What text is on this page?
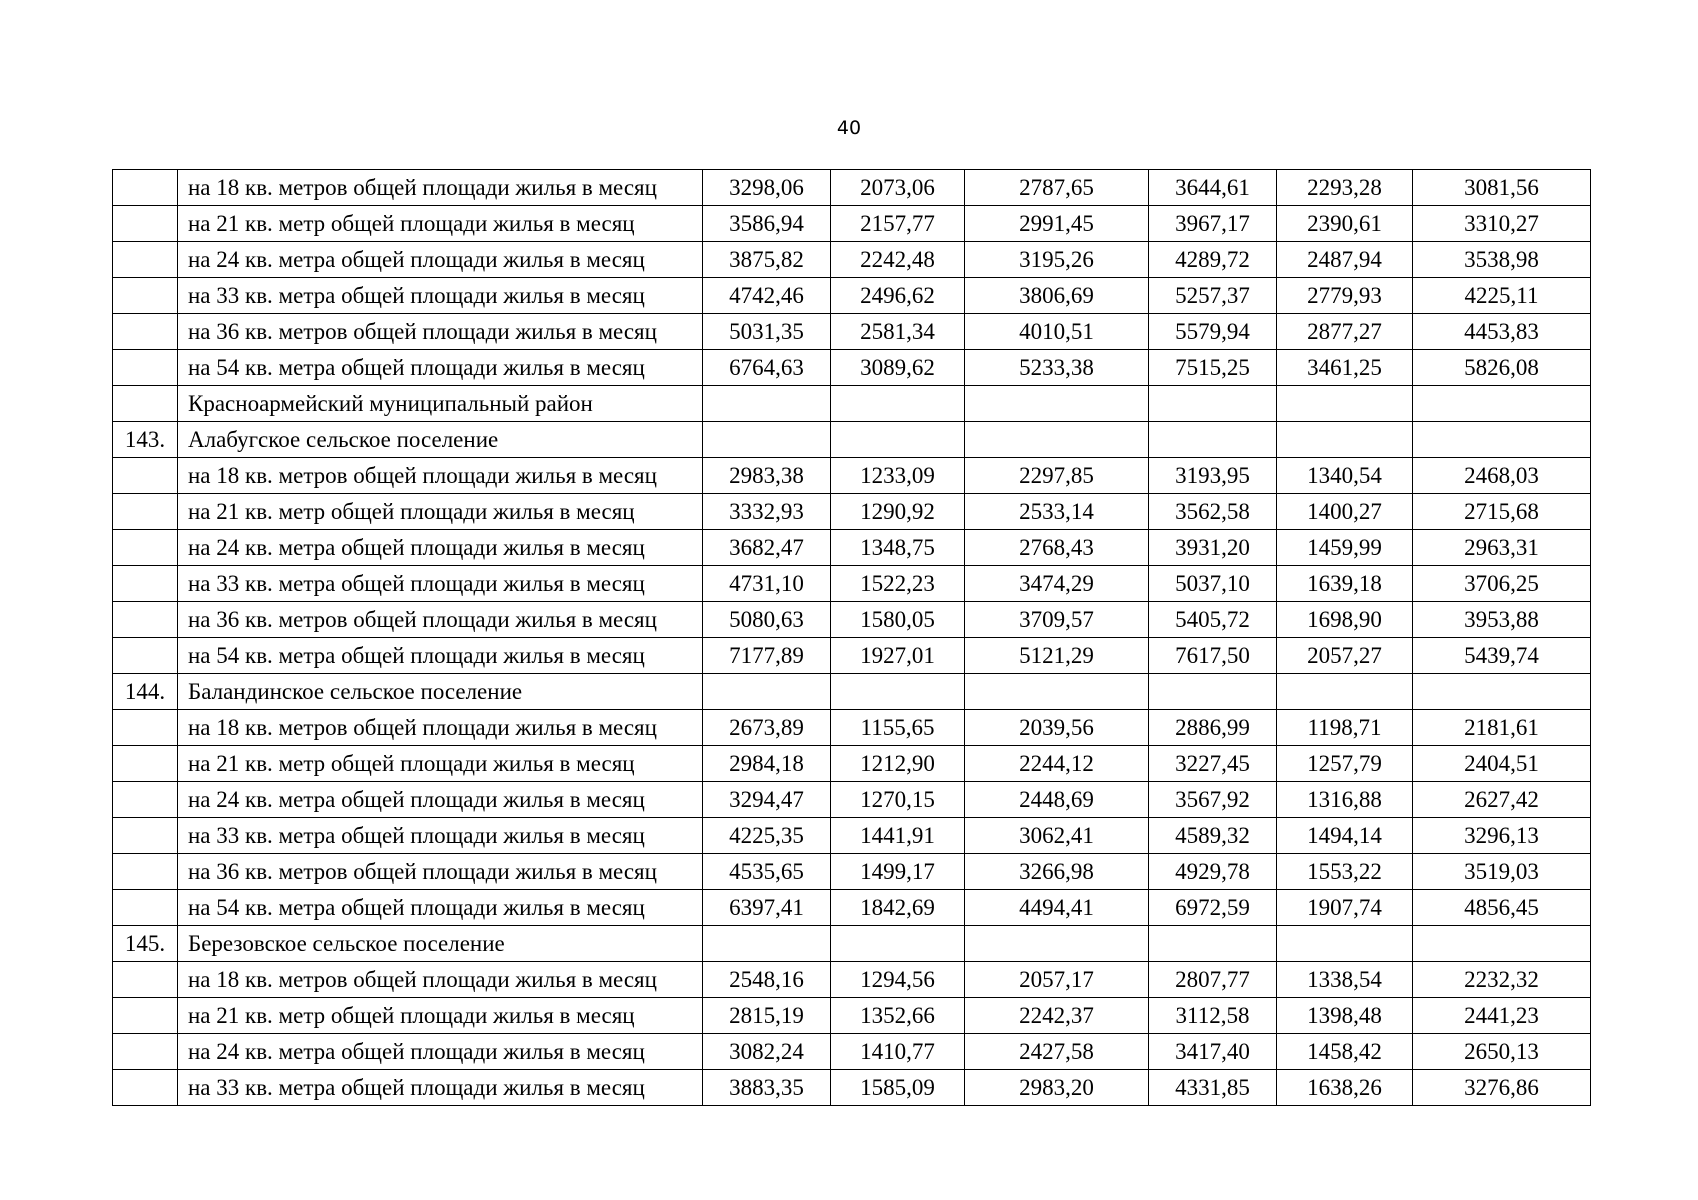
40
	на 18 кв. метров общей площади жилья в месяц	3298,06	2073,06	2787,65	3644,61	2293,28	3081,56
	на 21 кв. метр общей площади жилья в месяц	3586,94	2157,77	2991,45	3967,17	2390,61	3310,27
	на 24 кв. метра общей площади жилья в месяц	3875,82	2242,48	3195,26	4289,72	2487,94	3538,98
	на 33 кв. метра общей площади жилья в месяц	4742,46	2496,62	3806,69	5257,37	2779,93	4225,11
	на 36 кв. метров общей площади жилья в месяц	5031,35	2581,34	4010,51	5579,94	2877,27	4453,83
	на 54 кв. метра общей площади жилья в месяц	6764,63	3089,62	5233,38	7515,25	3461,25	5826,08
	Красноармейский муниципальный район						
143.	Алабугское сельское поселение						
	на 18 кв. метров общей площади жилья в месяц	2983,38	1233,09	2297,85	3193,95	1340,54	2468,03
	на 21 кв. метр общей площади жилья в месяц	3332,93	1290,92	2533,14	3562,58	1400,27	2715,68
	на 24 кв. метра общей площади жилья в месяц	3682,47	1348,75	2768,43	3931,20	1459,99	2963,31
	на 33 кв. метра общей площади жилья в месяц	4731,10	1522,23	3474,29	5037,10	1639,18	3706,25
	на 36 кв. метров общей площади жилья в месяц	5080,63	1580,05	3709,57	5405,72	1698,90	3953,88
	на 54 кв. метра общей площади жилья в месяц	7177,89	1927,01	5121,29	7617,50	2057,27	5439,74
144.	Баландинское сельское поселение						
	на 18 кв. метров общей площади жилья в месяц	2673,89	1155,65	2039,56	2886,99	1198,71	2181,61
	на 21 кв. метр общей площади жилья в месяц	2984,18	1212,90	2244,12	3227,45	1257,79	2404,51
	на 24 кв. метра общей площади жилья в месяц	3294,47	1270,15	2448,69	3567,92	1316,88	2627,42
	на 33 кв. метра общей площади жилья в месяц	4225,35	1441,91	3062,41	4589,32	1494,14	3296,13
	на 36 кв. метров общей площади жилья в месяц	4535,65	1499,17	3266,98	4929,78	1553,22	3519,03
	на 54 кв. метра общей площади жилья в месяц	6397,41	1842,69	4494,41	6972,59	1907,74	4856,45
145.	Березовское сельское поселение						
	на 18 кв. метров общей площади жилья в месяц	2548,16	1294,56	2057,17	2807,77	1338,54	2232,32
	на 21 кв. метр общей площади жилья в месяц	2815,19	1352,66	2242,37	3112,58	1398,48	2441,23
	на 24 кв. метра общей площади жилья в месяц	3082,24	1410,77	2427,58	3417,40	1458,42	2650,13
	на 33 кв. метра общей площади жилья в месяц	3883,35	1585,09	2983,20	4331,85	1638,26	3276,86
